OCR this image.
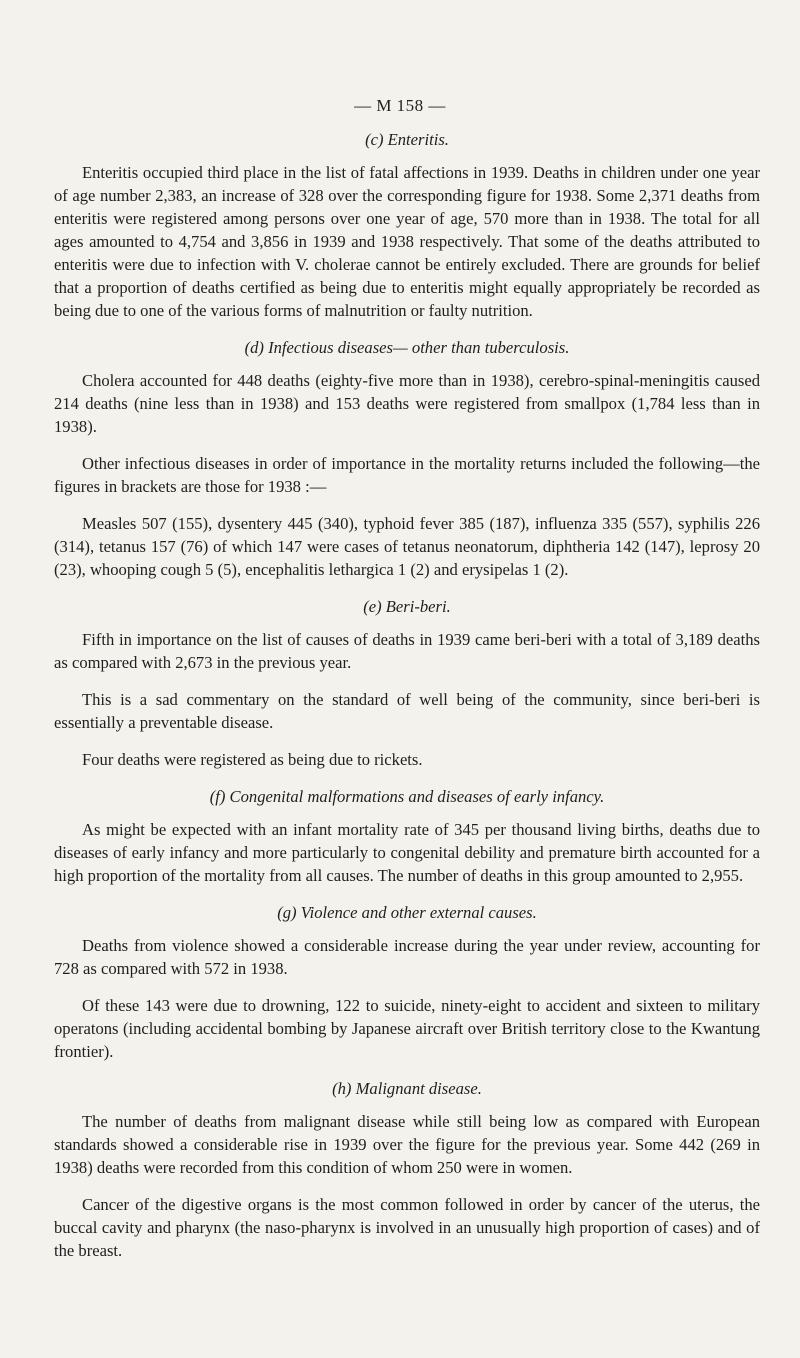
— M 158 —
(c) Enteritis.

Enteritis occupied third place in the list of fatal affections in 1939. Deaths in children under one year of age number 2,383, an increase of 328 over the corresponding figure for 1938. Some 2,371 deaths from enteritis were registered among persons over one year of age, 570 more than in 1938. The total for all ages amounted to 4,754 and 3,856 in 1939 and 1938 respectively. That some of the deaths attributed to enteritis were due to infection with V. cholerae cannot be entirely excluded. There are grounds for belief that a proportion of deaths certified as being due to enteritis might equally appropriately be recorded as being due to one of the various forms of malnutrition or faulty nutrition.

(d) Infectious diseases— other than tuberculosis.

Cholera accounted for 448 deaths (eighty-five more than in 1938), cerebro-spinal-meningitis caused 214 deaths (nine less than in 1938) and 153 deaths were registered from smallpox (1,784 less than in 1938).

Other infectious diseases in order of importance in the mortality returns included the following—the figures in brackets are those for 1938 :—

Measles 507 (155), dysentery 445 (340), typhoid fever 385 (187), influenza 335 (557), syphilis 226 (314), tetanus 157 (76) of which 147 were cases of tetanus neonatorum, diphtheria 142 (147), leprosy 20 (23), whooping cough 5 (5), encephalitis lethargica 1 (2) and erysipelas 1 (2).

(e) Beri-beri.

Fifth in importance on the list of causes of deaths in 1939 came beri-beri with a total of 3,189 deaths as compared with 2,673 in the previous year.

This is a sad commentary on the standard of well being of the community, since beri-beri is essentially a preventable disease.

Four deaths were registered as being due to rickets.

(f) Congenital malformations and diseases of early infancy.

As might be expected with an infant mortality rate of 345 per thousand living births, deaths due to diseases of early infancy and more particularly to congenital debility and premature birth accounted for a high proportion of the mortality from all causes. The number of deaths in this group amounted to 2,955.

(g) Violence and other external causes.

Deaths from violence showed a considerable increase during the year under review, accounting for 728 as compared with 572 in 1938.

Of these 143 were due to drowning, 122 to suicide, ninety-eight to accident and sixteen to military operatons (including accidental bombing by Japanese aircraft over British territory close to the Kwantung frontier).

(h) Malignant disease.

The number of deaths from malignant disease while still being low as compared with European standards showed a considerable rise in 1939 over the figure for the previous year. Some 442 (269 in 1938) deaths were recorded from this condition of whom 250 were in women.

Cancer of the digestive organs is the most common followed in order by cancer of the uterus, the buccal cavity and pharynx (the naso-pharynx is involved in an unusually high proportion of cases) and of the breast.
